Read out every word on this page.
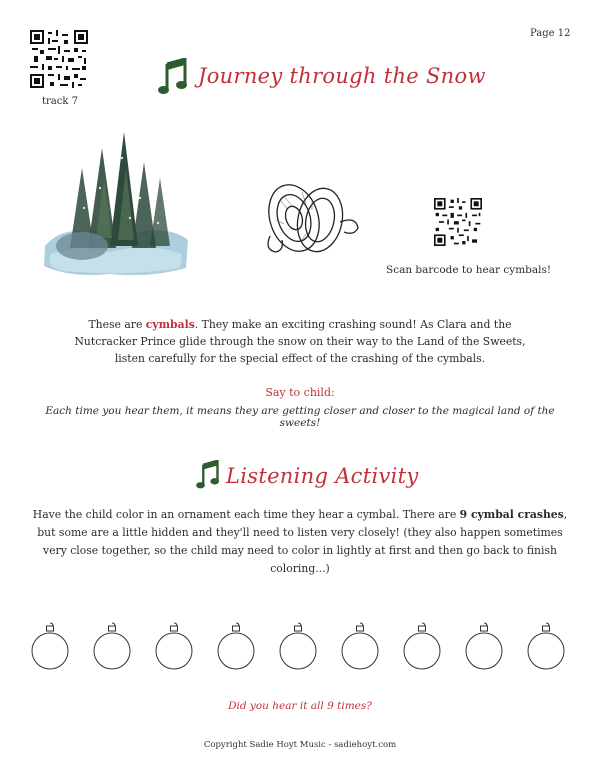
Page 12
track 7
Journey through the Snow
Scan barcode to hear cymbals!
These are cymbals. They make an exciting crashing sound! As Clara and the Nutcracker Prince glide through the snow on their way to the Land of the Sweets, listen carefully for the special effect of the crashing of the cymbals.
Say to child:
Each time you hear them, it means they are getting closer and closer to the magical land of the sweets!
Listening Activity
Have the child color in an ornament each time they hear a cymbal. There are 9 cymbal crashes, but some are a little hidden and they'll need to listen very closely! (they also happen sometimes very close together, so the child may need to color in lightly at first and then go back to finish coloring...)
Did you hear it all 9 times?
Copyright Sadie Hoyt Music - sadiehoyt.com
